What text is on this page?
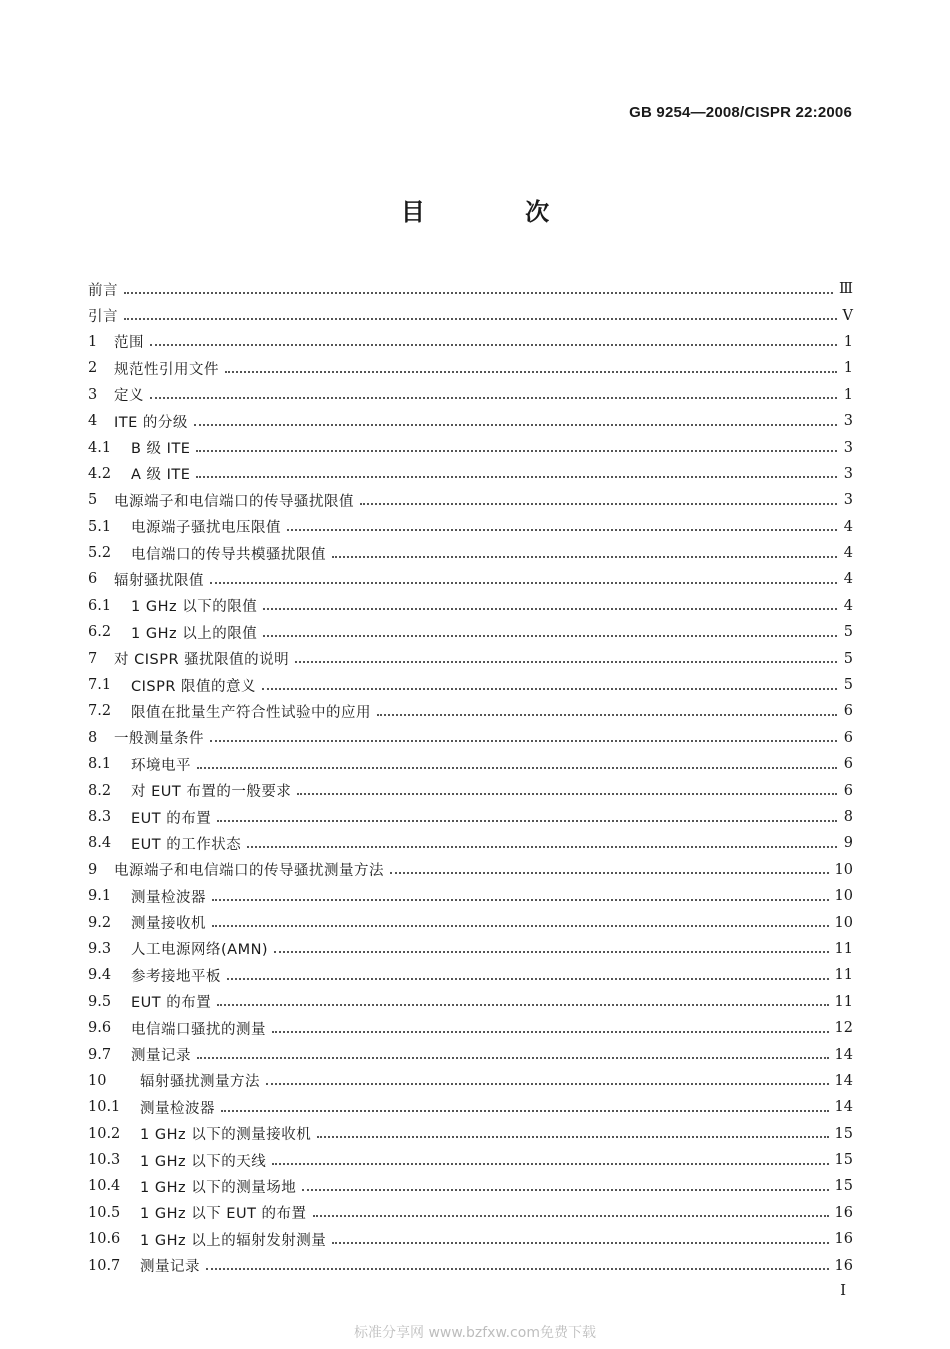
GB 9254—2008/CISPR 22:2006
目 次
前言	Ⅲ
引言	V
1	范围	1
2	规范性引用文件	1
3	定义	1
4	ITE 的分级	3
4.1	B 级 ITE	3
4.2	A 级 ITE	3
5	电源端子和电信端口的传导骚扰限值	3
5.1	电源端子骚扰电压限值	4
5.2	电信端口的传导共模骚扰限值	4
6	辐射骚扰限值	4
6.1	1 GHz 以下的限值	4
6.2	1 GHz 以上的限值	5
7	对 CISPR 骚扰限值的说明	5
7.1	CISPR 限值的意义	5
7.2	限值在批量生产符合性试验中的应用	6
8	一般测量条件	6
8.1	环境电平	6
8.2	对 EUT 布置的一般要求	6
8.3	EUT 的布置	8
8.4	EUT 的工作状态	9
9	电源端子和电信端口的传导骚扰测量方法	10
9.1	测量检波器	10
9.2	测量接收机	10
9.3	人工电源网络(AMN)	11
9.4	参考接地平板	11
9.5	EUT 的布置	11
9.6	电信端口骚扰的测量	12
9.7	测量记录	14
10	辐射骚扰测量方法	14
10.1	测量检波器	14
10.2	1 GHz 以下的测量接收机	15
10.3	1 GHz 以下的天线	15
10.4	1 GHz 以下的测量场地	15
10.5	1 GHz 以下 EUT 的布置	16
10.6	1 GHz 以上的辐射发射测量	16
10.7	测量记录	16
I
标准分享网 www.bzfxw.com免费下载
